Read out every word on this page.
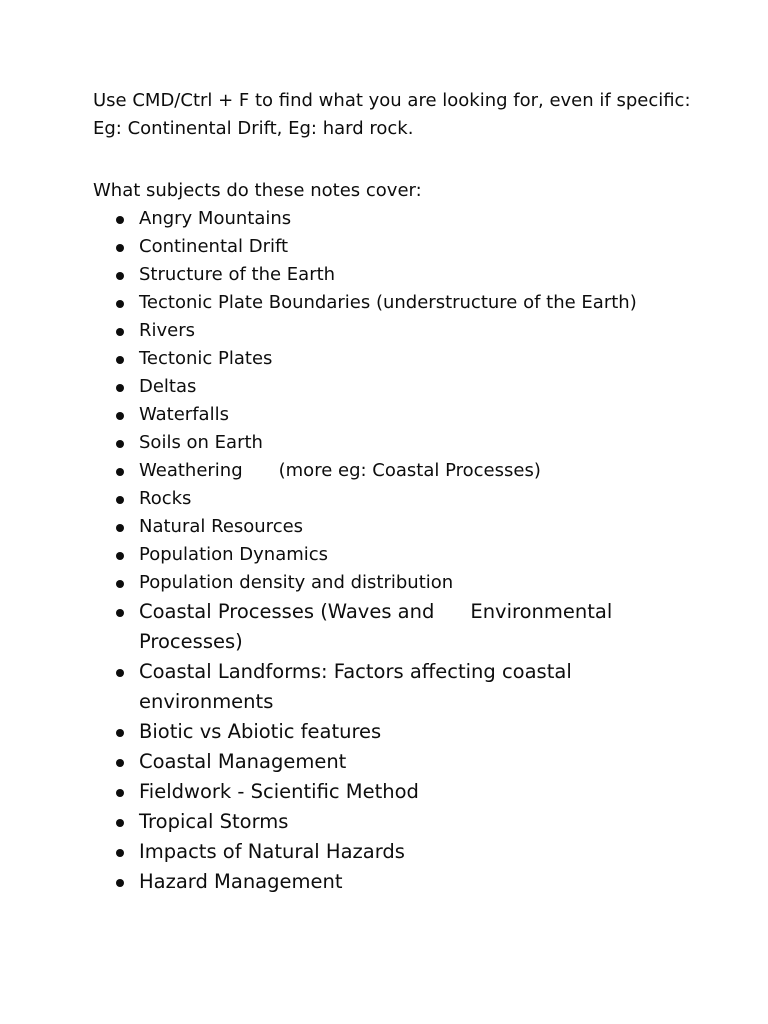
Use CMD/Ctrl + F to find what you are looking for, even if specific: Eg: Continental Drift, Eg: hard rock.

What subjects do these notes cover:

Angry Mountains
Continental Drift
Structure of the Earth
Tectonic Plate Boundaries (understructure of the Earth)
Rivers
Tectonic Plates
Deltas
Waterfalls
Soils on Earth
Weathering (more eg: Coastal Processes)
Rocks
Natural Resources
Population Dynamics
Population density and distribution
Coastal Processes (Waves and Environmental Processes)
Coastal Landforms: Factors affecting coastal environments
Biotic vs Abiotic features
Coastal Management
Fieldwork - Scientific Method
Tropical Storms
Impacts of Natural Hazards
Hazard Management
